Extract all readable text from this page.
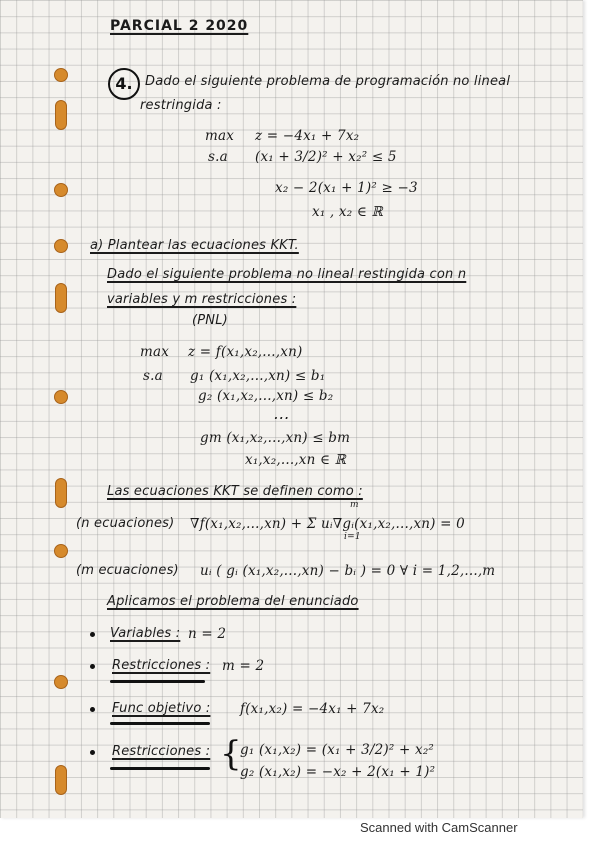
PARCIAL 2 2020
4. Dado el siguiente problema de programación no lineal
restringida :
max z = −4x₁ + 7x₂
s.a (x₁ + 3/2)² + x₂² ≤ 5
x₂ − 2(x₁ + 1)² ≥ −3
x₁ , x₂ ∈ ℝ
a) Plantear las ecuaciones KKT.
Dado el siguiente problema no lineal restingida con n
variables y m restricciones :
(PNL)
max z = f(x₁,x₂,...,xn)
s.a g₁ (x₁,x₂,...,xn) ≤ b₁
g₂ (x₁,x₂,...,xn) ≤ b₂
⋯
gm (x₁,x₂,...,xn) ≤ bm
x₁,x₂,...,xn ∈ ℝ
Las ecuaciones KKT se definen como :
(n ecuaciones) ∇f(x₁,x₂,...,xn) + Σ uᵢ∇gᵢ(x₁,x₂,...,xn) = 0
m
i=1
(m ecuaciones) uᵢ ( gᵢ (x₁,x₂,...,xn) − bᵢ ) = 0 ∀ i = 1,2,...,m
Aplicamos el problema del enunciado
Variables : n = 2
Restricciones : m = 2
Func objetivo : f(x₁,x₂) = −4x₁ + 7x₂
Restricciones : {
g₁ (x₁,x₂) = (x₁ + 3/2)² + x₂²
g₂ (x₁,x₂) = −x₂ + 2(x₁ + 1)²
Scanned with CamScanner
